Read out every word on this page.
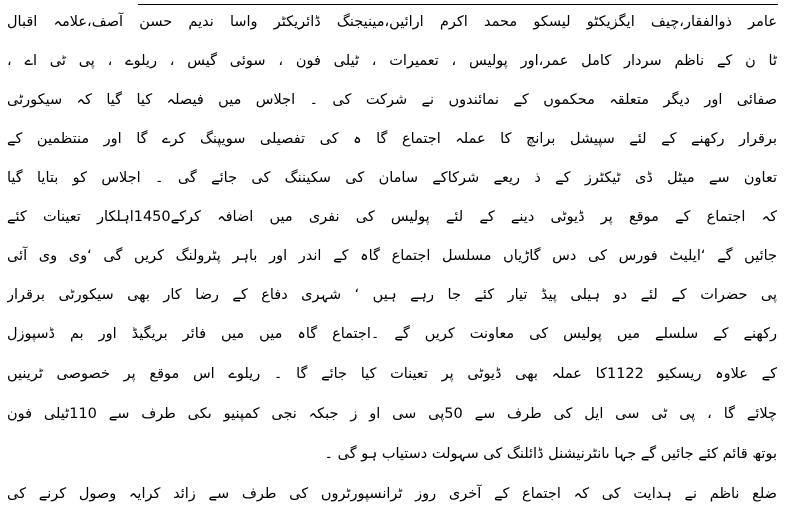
عامر ذوالفقار،چیف ایگزیکٹو لیسکو محمد اکرم ارائیں،مینیجنگ ڈائریکٹر واسا ندیم حسن آصف،علامہ اقبال
ٹا ن کے ناظم سردار کامل عمر،اور پولیس ، تعمیرات ، ٹیلی فون ، سوئی گیس ، ریلوے ، پی ٹی اے ،
صفائی اور دیگر متعلقہ محکموں کے نمائندوں نے شرکت کی ۔ اجلاس میں فیصلہ کیا گیا کہ سیکورٹی
برقرار رکھنے کے لئے سپیشل برانچ کا عملہ اجتماع گا ہ کی تفصیلی سویپنگ کرے گا اور منتظمین کے
تعاون سے میٹل ڈی ٹیکٹرز کے ذ ریعے شرکاکے سامان کی سکیننگ کی جائے گی ۔ اجلاس کو بتایا گیا
کہ اجتماع کے موقع پر ڈیوٹی دینے کے لئے پولیس کی نفری میں اضافہ کرکے1450اہلکار تعینات کئے
جائیں گے ‘ایلیٹ فورس کی دس گاڑیاں مسلسل اجتماع گاہ کے اندر اور باہر پٹرولنگ کریں گی ‘وی وی آئی
پی حضرات کے لئے دو ہیلی پیڈ تیار کئے جا رہے ہیں ‘ شہری دفاع کے رضا کار بھی سیکورٹی برقرار
رکھنے کے سلسلے میں پولیس کی معاونت کریں گے ۔اجتماع گاہ میں میں فائر بریگیڈ اور بم ڈسپوزل
کے علاوہ ریسکیو 1122کا عملہ بھی ڈیوٹی پر تعینات کیا جائے گا ۔ ریلوے اس موقع پر خصوصی ٹرینیں
چلائے گا ، پی ٹی سی ایل کی طرف سے 50پی سی او ز جبکہ نجی کمپنیو ںکی طرف سے 110ٹیلی فون
بوتھ قائم کئے جائیں گے جہا ںانٹرنیشنل ڈائلنگ کی سہولت دستیاب ہو گی ۔
ضلع ناظم نے ہدایت کی کہ اجتماع کے آخری روز ٹرانسپورٹروں کی طرف سے زائد کرایہ وصول کرنے کی
